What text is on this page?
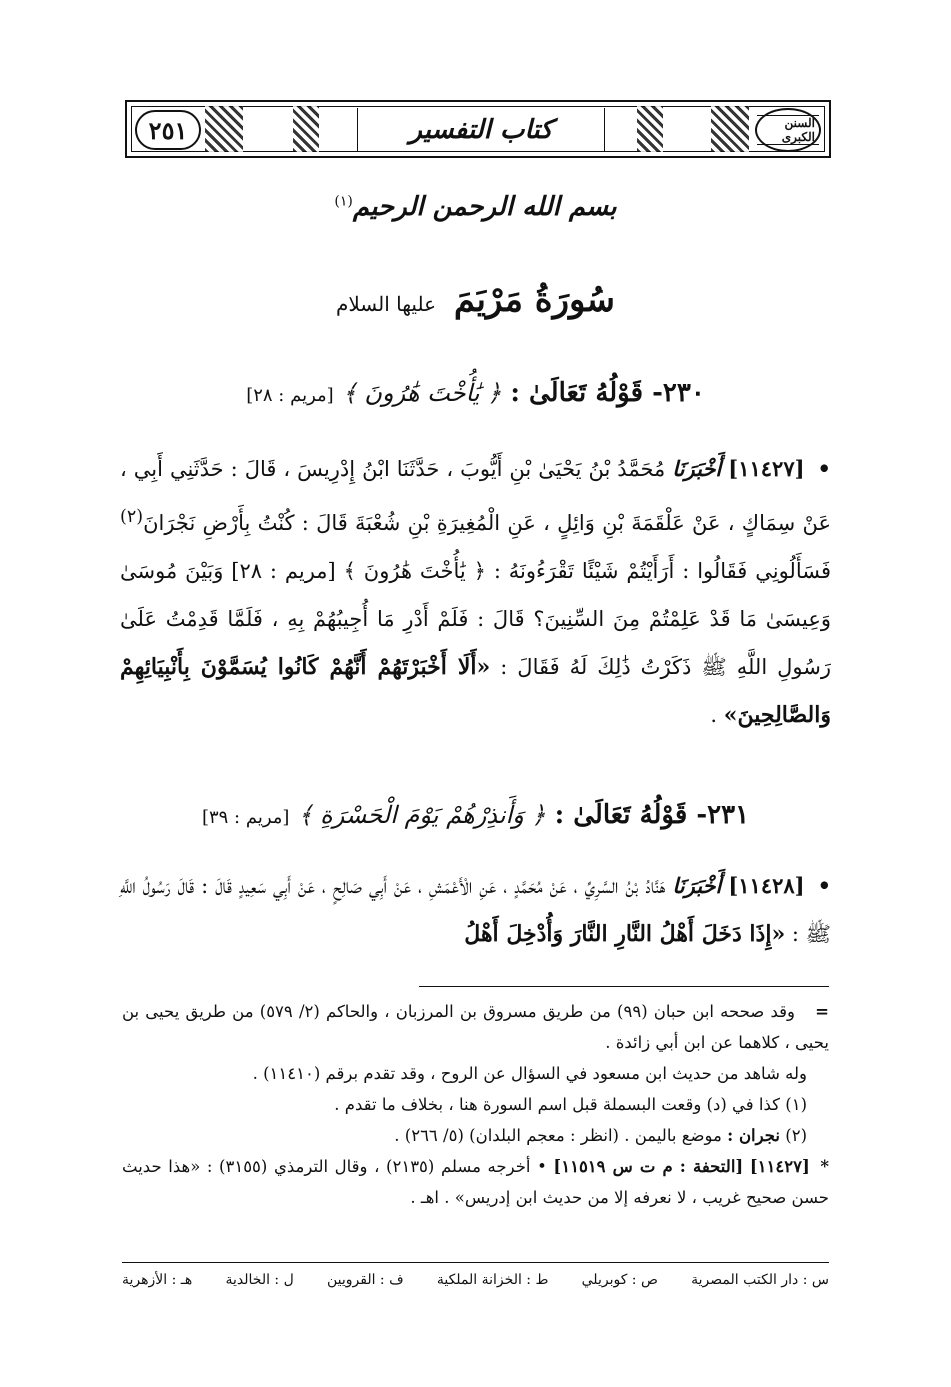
٢٥١	كتاب التفسير	السنن الكبرى
بسم الله الرحمن الرحيم$^{(١)}$
سُورَةُ مَرْيَمَ عليها السلام
٢٣٠- قَوْلُهُ تَعَالَىٰ : ﴿ يَٰأُخْتَ هَٰرُونَ ﴾ [مريم : ٢٨]
• [١١٤٢٧] أَخْبَرَنَا مُحَمَّدُ بْنُ يَحْيَىٰ بْنِ أَيُّوبَ ، حَدَّثَنَا ابْنُ إِدْرِيسَ ، قَالَ : حَدَّثَنِي أَبِي ، عَنْ سِمَاكٍ ، عَنْ عَلْقَمَةَ بْنِ وَائِلٍ ، عَنِ الْمُغِيرَةِ بْنِ شُعْبَةَ قَالَ : كُنْتُ بِأَرْضِ نَجْرَانَ$^{(٢)}$ فَسَأَلُونِي فَقَالُوا : أَرَأَيْتُمْ شَيْئًا تَقْرَءُونَهُ : ﴿ يَٰأُخْتَ هَٰرُونَ ﴾ [مريم : ٢٨] وَبَيْنَ مُوسَىٰ وَعِيسَىٰ مَا قَدْ عَلِمْتُمْ مِنَ السِّنِينَ؟ قَالَ : فَلَمْ أَدْرِ مَا أُجِيبُهُمْ بِهِ ، فَلَمَّا قَدِمْتُ عَلَىٰ رَسُولِ اللَّهِ ﷺ ذَكَرْتُ ذَٰلِكَ لَهُ فَقَالَ : «أَلَا أَخْبَرْتَهُمْ أَنَّهُمْ كَانُوا يُسَمَّوْنَ بِأَنْبِيَائِهِمْ وَالصَّالِحِينَ» .
٢٣١- قَوْلُهُ تَعَالَىٰ : ﴿ وَأَنذِرْهُمْ يَوْمَ الْحَسْرَةِ ﴾ [مريم : ٣٩]
• [١١٤٢٨] أَخْبَرَنَا هَنَّادُ بْنُ السَّرِيِّ ، عَنْ مُحَمَّدٍ ، عَنِ الْأَعْمَشِ ، عَنْ أَبِي صَالِحٍ ، عَنْ أَبِي سَعِيدٍ قَالَ : قَالَ رَسُولُ اللَّهِ ﷺ : «إِذَا دَخَلَ أَهْلُ النَّارِ النَّارَ وَأُدْخِلَ أَهْلُ

= وقد صححه ابن حبان (٩٩) من طريق مسروق بن المرزبان ، والحاكم (٢/ ٥٧٩) من طريق يحيى بن يحيى ، كلاهما عن ابن أبي زائدة .

وله شاهد من حديث ابن مسعود في السؤال عن الروح ، وقد تقدم برقم (١١٤١٠) .

(١) كذا في (د) وقعت البسملة قبل اسم السورة هنا ، بخلاف ما تقدم .

(٢) نجران : موضع باليمن . (انظر : معجم البلدان) (٥/ ٢٦٦) .

* [١١٤٢٧] [التحفة : م ت س ١١٥١٩] • أخرجه مسلم (٢١٣٥) ، وقال الترمذي (٣١٥٥) : «هذا حديث حسن صحيح غريب ، لا نعرفه إلا من حديث ابن إدريس» . اهـ .

س : دار الكتب المصرية
ص : كوبريلي
ط : الخزانة الملكية
ف : القرويين
ل : الخالدية
هـ : الأزهرية
